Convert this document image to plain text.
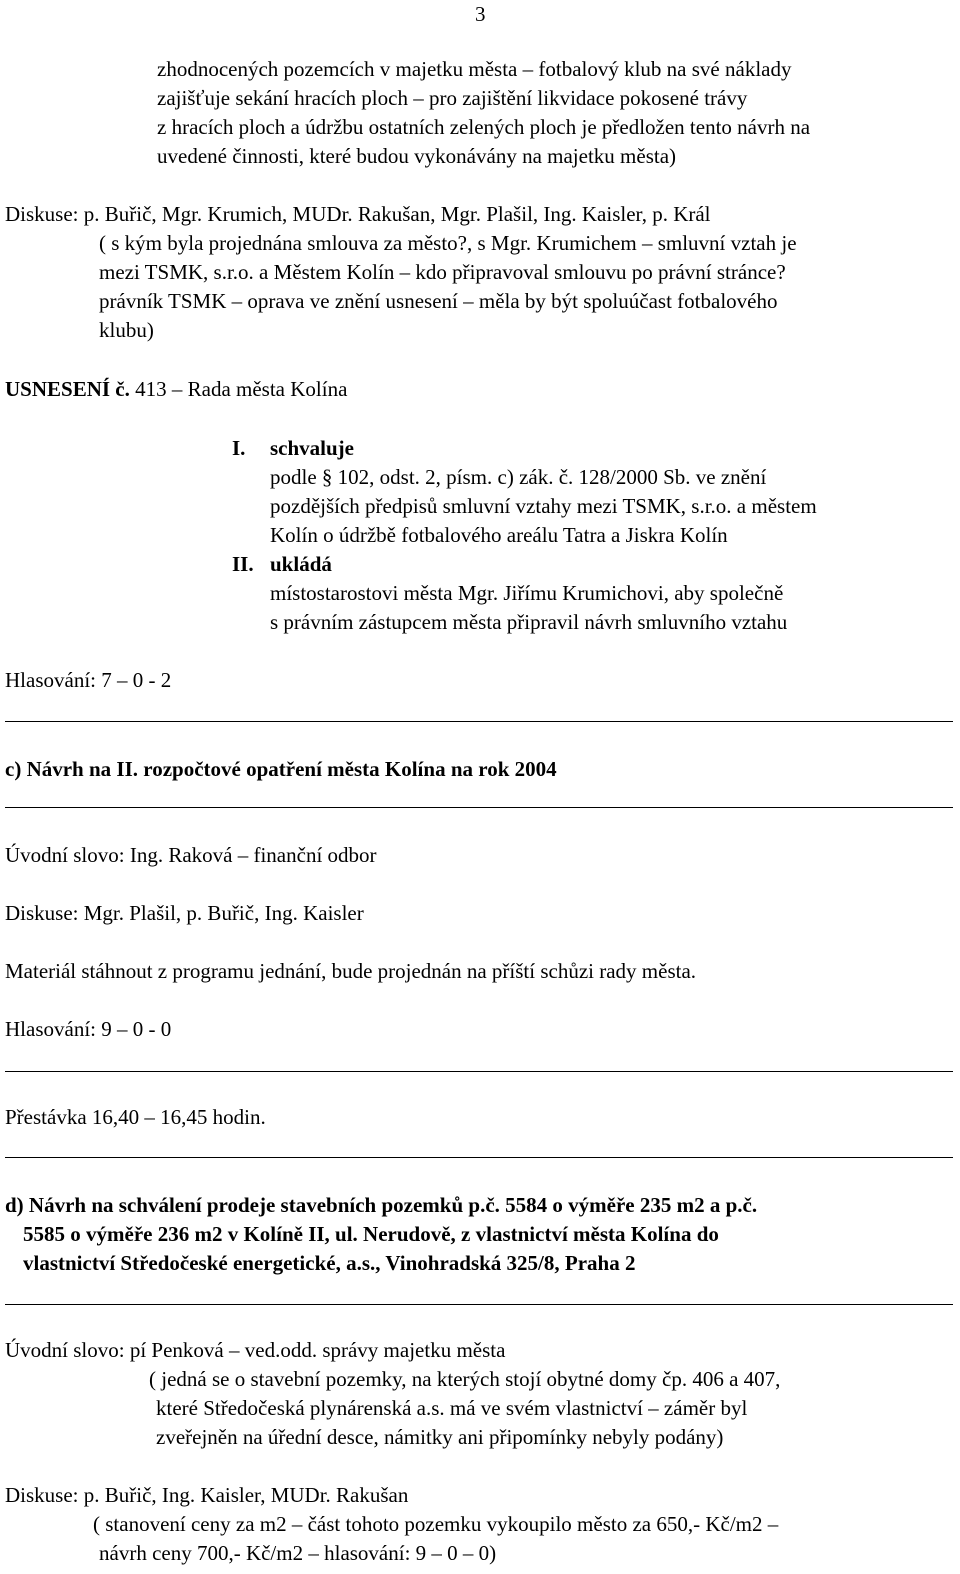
3
zhodnocených pozemcích v majetku města – fotbalový klub na své náklady
zajišťuje sekání hracích ploch – pro zajištění likvidace pokosené trávy
z hracích ploch a údržbu ostatních zelených ploch je předložen tento návrh na
uvedené činnosti, které budou vykonávány na majetku města)
Diskuse: p. Buřič, Mgr. Krumich, MUDr. Rakušan, Mgr. Plašil, Ing. Kaisler, p. Král
( s kým byla projednána smlouva za město?, s Mgr. Krumichem – smluvní vztah je
mezi TSMK, s.r.o. a Městem Kolín – kdo připravoval smlouvu po právní stránce?
právník TSMK – oprava ve znění usnesení – měla by být spoluúčast fotbalového
klubu)
USNESENÍ č. 413 – Rada města Kolína
I. schvaluje
podle § 102, odst. 2, písm. c) zák. č. 128/2000 Sb. ve znění
pozdějších předpisů smluvní vztahy mezi TSMK, s.r.o. a městem
Kolín o údržbě fotbalového areálu Tatra a Jiskra Kolín
II. ukládá
místostarostovi města Mgr. Jiřímu Krumichovi, aby společně
s právním zástupcem města připravil návrh smluvního vztahu
Hlasování: 7 – 0 - 2
c) Návrh na II. rozpočtové opatření města Kolína na rok 2004
Úvodní slovo: Ing. Raková – finanční odbor
Diskuse: Mgr. Plašil, p. Buřič, Ing. Kaisler
Materiál stáhnout z programu jednání, bude projednán na příští schůzi rady města.
Hlasování: 9 – 0 - 0
Přestávka 16,40 – 16,45 hodin.
d) Návrh na schválení prodeje stavebních pozemků p.č. 5584 o výměře 235 m2 a p.č.
5585 o výměře 236 m2 v Kolíně II, ul. Nerudově, z vlastnictví města Kolína do
vlastnictví Středočeské energetické, a.s., Vinohradská 325/8, Praha 2
Úvodní slovo: pí Penková – ved.odd. správy majetku města
( jedná se o stavební pozemky, na kterých stojí obytné domy čp. 406 a 407,
které Středočeská plynárenská a.s. má ve svém vlastnictví – záměr byl
zveřejněn na úřední desce, námitky ani připomínky nebyly podány)
Diskuse: p. Buřič, Ing. Kaisler, MUDr. Rakušan
( stanovení ceny za m2 – část tohoto pozemku vykoupilo město za 650,- Kč/m2 –
návrh ceny 700,- Kč/m2 – hlasování: 9 – 0 – 0)
